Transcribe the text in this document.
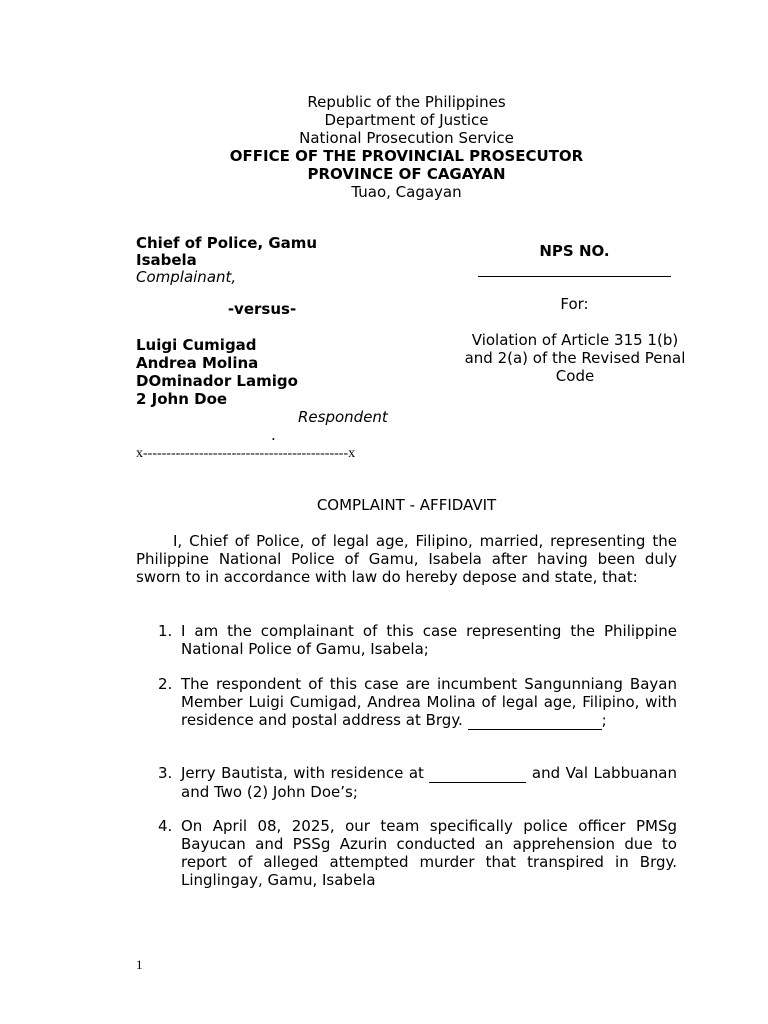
Republic of the Philippines
Department of Justice
National Prosecution Service
OFFICE OF THE PROVINCIAL PROSECUTOR
PROVINCE OF CAGAYAN
Tuao, Cagayan
Chief of Police, Gamu
Isabela
Complainant,
-versus-
Luigi Cumigad
Andrea Molina
DOminador Lamigo
2 John Doe
Respondent
.
x--------------------------------------------x
NPS NO.
For:
Violation of Article 315 1(b)
and 2(a) of the Revised Penal
Code
COMPLAINT - AFFIDAVIT
I, Chief of Police, of legal age, Filipino, married, representing the Philippine National Police of Gamu, Isabela after having been duly sworn to in accordance with law do hereby depose and state, that:
1. I am the complainant of this case representing the Philippine National Police of Gamu, Isabela;
2. The respondent of this case are incumbent Sangunniang Bayan Member Luigi Cumigad, Andrea Molina of legal age, Filipino, with residence and postal address at Brgy.	;
3. Jerry Bautista, with residence at	and Val Labbuanan and Two (2) John Doe’s;
4. On April 08, 2025, our team specifically police officer PMSg Bayucan and PSSg Azurin conducted an apprehension due to report of alleged attempted murder that transpired in Brgy. Linglingay, Gamu, Isabela
1
